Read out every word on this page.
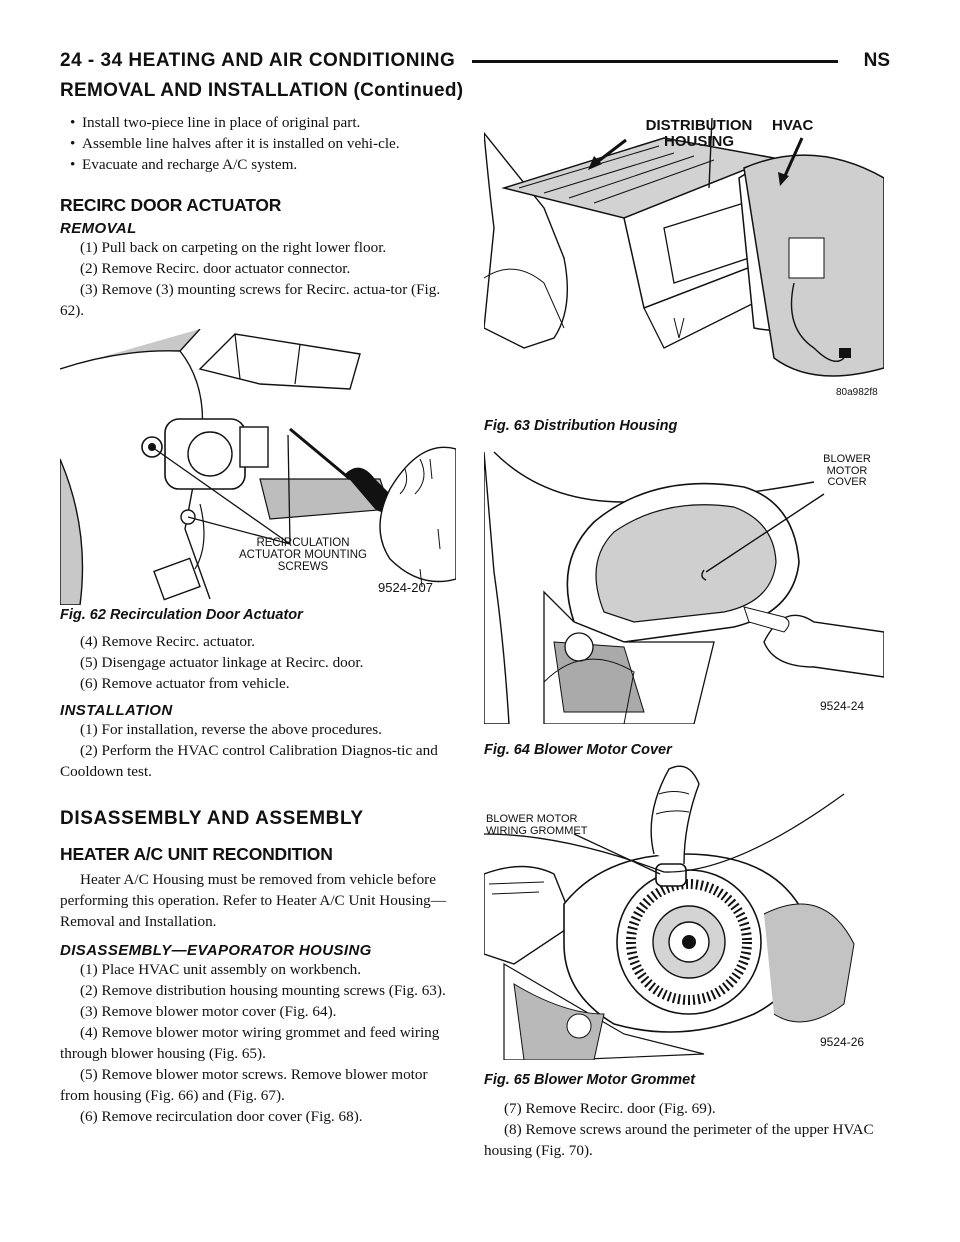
24 - 34 HEATING AND AIR CONDITIONING	NS
REMOVAL AND INSTALLATION (Continued)

• Install two-piece line in place of original part.

• Assemble line halves after it is installed on vehi-cle.

• Evacuate and recharge A/C system.

RECIRC DOOR ACTUATOR
REMOVAL

(1) Pull back on carpeting on the right lower floor.

(2) Remove Recirc. door actuator connector.

(3) Remove (3) mounting screws for Recirc. actua-tor (Fig. 62).

RECIRCULATION
ACTUATOR MOUNTING
SCREWS
9524-207
Fig. 62 Recirculation Door Actuator

(4) Remove Recirc. actuator.

(5) Disengage actuator linkage at Recirc. door.

(6) Remove actuator from vehicle.

INSTALLATION

(1) For installation, reverse the above procedures.

(2) Perform the HVAC control Calibration Diagnos-tic and Cooldown test.

DISASSEMBLY AND ASSEMBLY
HEATER A/C UNIT RECONDITION

Heater A/C Housing must be removed from vehicle before performing this operation. Refer to Heater A/C Unit Housing—Removal and Installation.

DISASSEMBLY—EVAPORATOR HOUSING

(1) Place HVAC unit assembly on workbench.

(2) Remove distribution housing mounting screws (Fig. 63).

(3) Remove blower motor cover (Fig. 64).

(4) Remove blower motor wiring grommet and feed wiring through blower housing (Fig. 65).

(5) Remove blower motor screws. Remove blower motor from housing (Fig. 66) and (Fig. 67).

(6) Remove recirculation door cover (Fig. 68).

DISTRIBUTION
HOUSING
HVAC
80a982f8
Fig. 63 Distribution Housing
BLOWER
MOTOR
COVER
9524-24
Fig. 64 Blower Motor Cover
BLOWER MOTOR
WIRING GROMMET
9524-26
Fig. 65 Blower Motor Grommet

(7) Remove Recirc. door (Fig. 69).

(8) Remove screws around the perimeter of the upper HVAC housing (Fig. 70).
